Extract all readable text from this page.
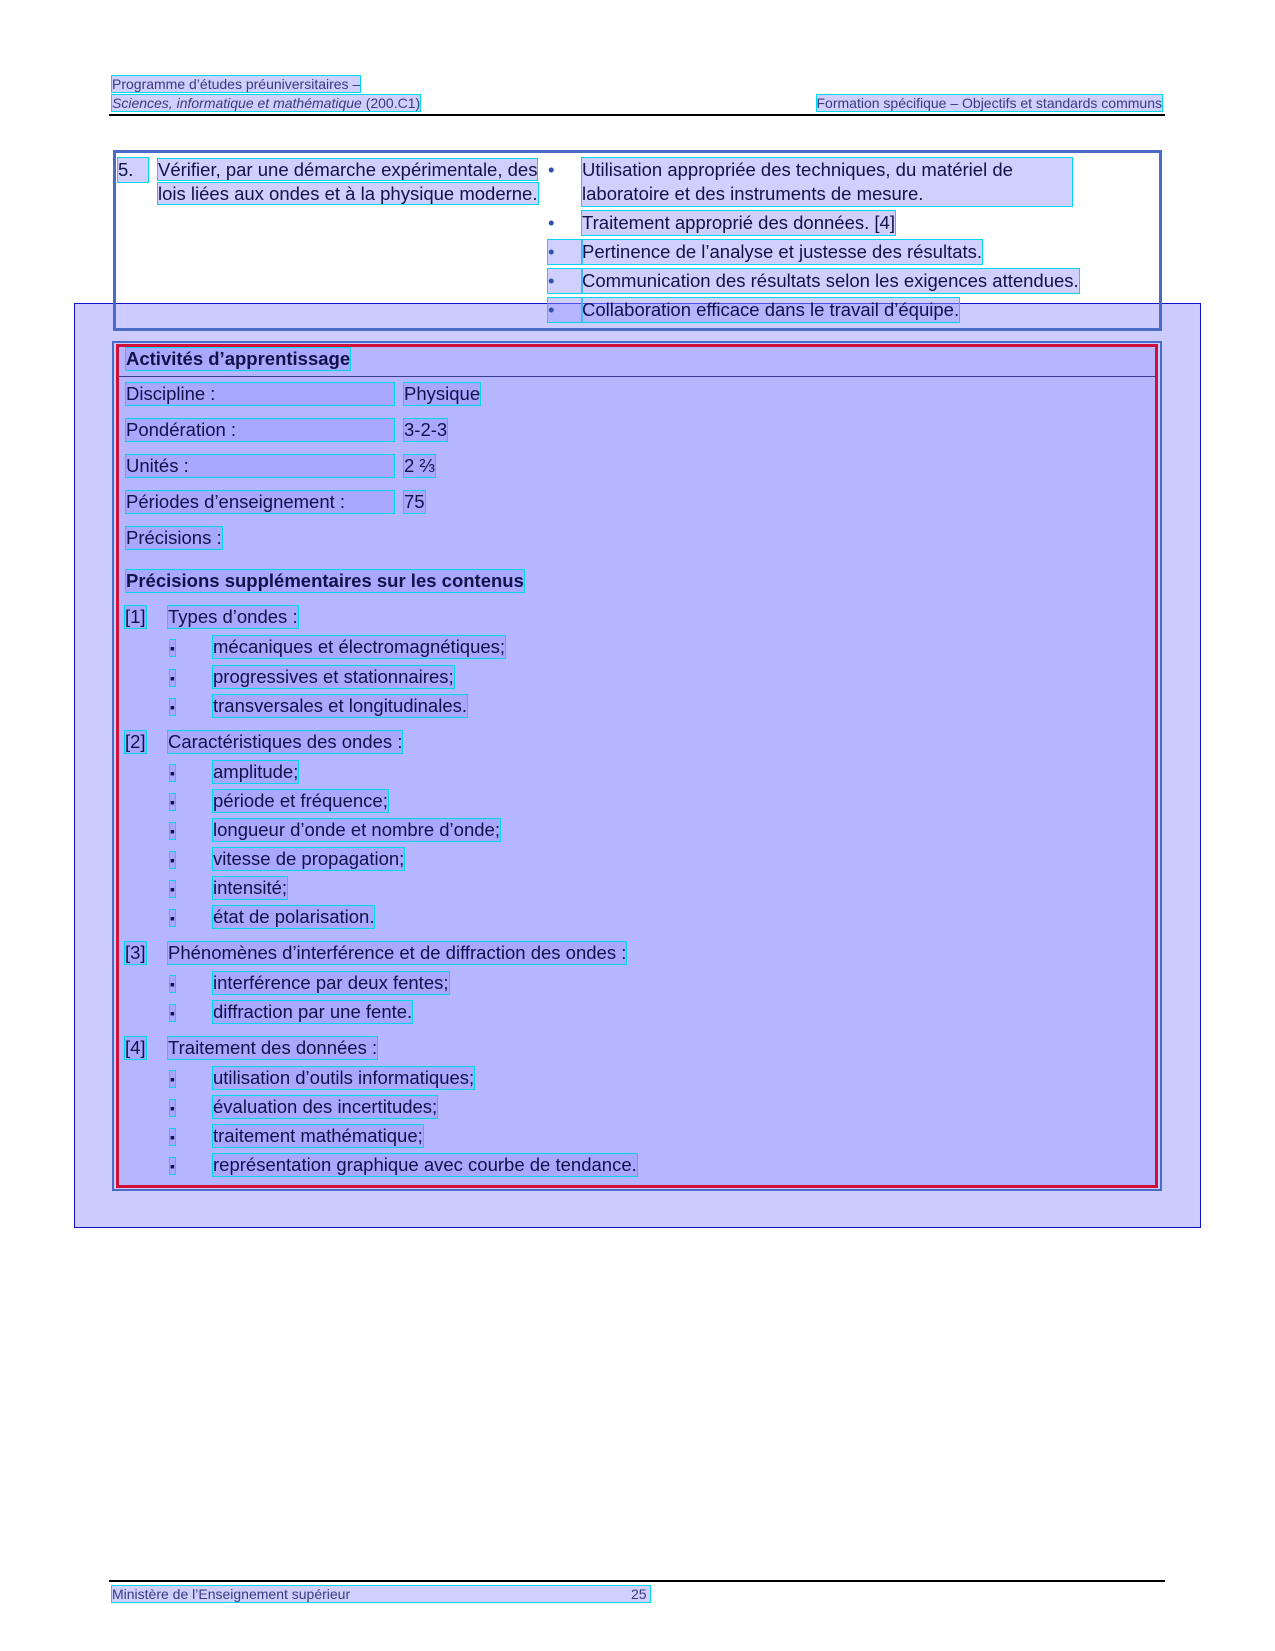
Programme d’études préuniversitaires –
Sciences, informatique et mathématique (200.C1)	Formation spécifique – Objectifs et standards communs
5.	Vérifier, par une démarche expérimentale, des lois liées aux ondes et à la physique moderne.
•	Utilisation appropriée des techniques, du matériel de laboratoire et des instruments de mesure.
•	Traitement approprié des données. [4]
•	Pertinence de l’analyse et justesse des résultats.
•	Communication des résultats selon les exigences attendues.
•	Collaboration efficace dans le travail d’équipe.
Activités d’apprentissage
Discipline :	Physique
Pondération :	3-2-3
Unités :	2 ⅔
Périodes d’enseignement :	75
Précisions :
Précisions supplémentaires sur les contenus
[1] Types d’ondes :
▪ mécaniques et électromagnétiques;
▪ progressives et stationnaires;
▪ transversales et longitudinales.
[2] Caractéristiques des ondes :
▪ amplitude;
▪ période et fréquence;
▪ longueur d’onde et nombre d’onde;
▪ vitesse de propagation;
▪ intensité;
▪ état de polarisation.
[3] Phénomènes d’interférence et de diffraction des ondes :
▪ interférence par deux fentes;
▪ diffraction par une fente.
[4] Traitement des données :
▪ utilisation d’outils informatiques;
▪ évaluation des incertitudes;
▪ traitement mathématique;
▪ représentation graphique avec courbe de tendance.
Ministère de l’Enseignement supérieur	25
